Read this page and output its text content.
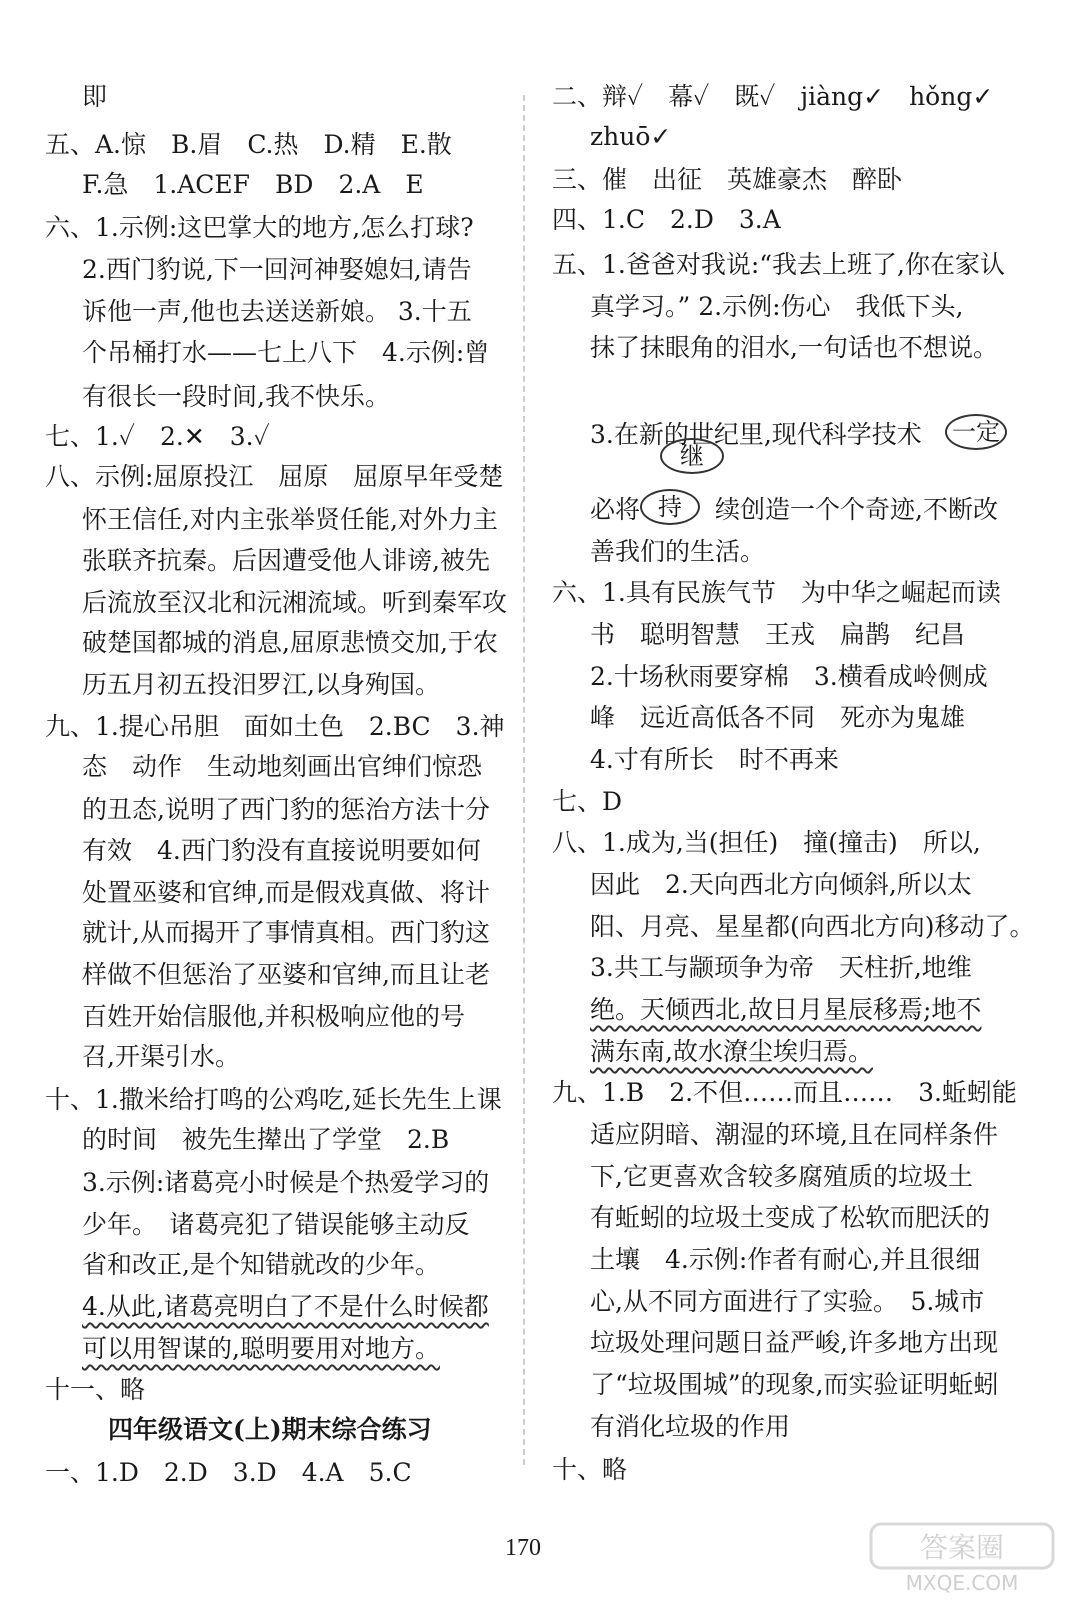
即
五、A.惊　B.眉　C.热　D.精　E.散
F.急　1.ACEF　BD　2.A　E
六、1.示例:这巴掌大的地方,怎么打球?
2.西门豹说,下一回河神娶媳妇,请告
诉他一声,他也去送送新娘。 3.十五
个吊桶打水——七上八下　4.示例:曾
有很长一段时间,我不快乐。
七、1.✓　2.✕　3.✓
八、示例:屈原投江　屈原　屈原早年受楚
怀王信任,对内主张举贤任能,对外力主
张联齐抗秦。后因遭受他人诽谤,被先
后流放至汉北和沅湘流域。听到秦军攻
破楚国都城的消息,屈原悲愤交加,于农
历五月初五投汨罗江,以身殉国。
九、1.提心吊胆　面如土色　2.BC　3.神
态　动作　生动地刻画出官绅们惊恐
的丑态,说明了西门豹的惩治方法十分
有效　4.西门豹没有直接说明要如何
处置巫婆和官绅,而是假戏真做、将计
就计,从而揭开了事情真相。西门豹这
样做不但惩治了巫婆和官绅,而且让老
百姓开始信服他,并积极响应他的号
召,开渠引水。
十、1.撒米给打鸣的公鸡吃,延长先生上课
的时间　被先生撵出了学堂　2.B
3.示例:诸葛亮小时候是个热爱学习的
少年。　诸葛亮犯了错误能够主动反
省和改正,是个知错就改的少年。
4.从此,诸葛亮明白了不是什么时候都
可以用智谋的,聪明要用对地方。
十一、略
四年级语文(上)期末综合练习
一、1.D　2.D　3.D　4.A　5.C
二、辩✓　幕✓　既✓　jiàng✓　hǒng✓
zhuō✓
三、催　出征　英雄豪杰　醉卧
四、1.C　2.D　3.A
五、1.爸爸对我说:“我去上班了,你在家认
真学习。” 2.示例:伤心　我低下头,
抹了抹眼角的泪水,一句话也不想说。
3.在新的世纪里,现代科学技术 一定
继
必将 持	续创造一个个奇迹,不断改
善我们的生活。
六、1.具有民族气节　为中华之崛起而读
书　聪明智慧　王戎　扁鹊　纪昌
2.十场秋雨要穿棉　3.横看成岭侧成
峰　远近高低各不同　死亦为鬼雄
4.寸有所长　时不再来
七、D
八、1.成为,当(担任)　撞(撞击)　所以,
因此　2.天向西北方向倾斜,所以太
阳、月亮、星星都(向西北方向)移动了。
3.共工与颛顼争为帝　天柱折,地维
绝。天倾西北,故日月星辰移焉;地不
满东南,故水潦尘埃归焉。
九、1.B　2.不但……而且……　3.蚯蚓能
适应阴暗、潮湿的环境,且在同样条件
下,它更喜欢含较多腐殖质的垃圾土
有蚯蚓的垃圾土变成了松软而肥沃的
土壤　4.示例:作者有耐心,并且很细
心,从不同方面进行了实验。　5.城市
垃圾处理问题日益严峻,许多地方出现
了“垃圾围城”的现象,而实验证明蚯蚓
有消化垃圾的作用
十、略
170	答案圈
MXQE.COM
